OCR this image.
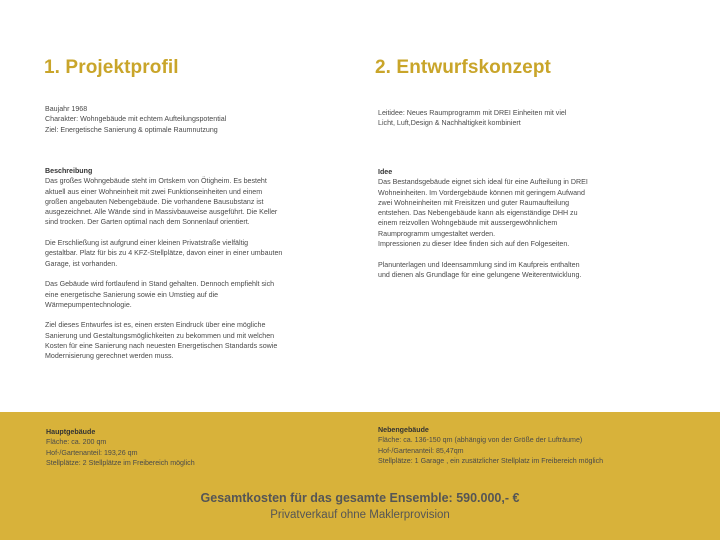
1. Projektprofil
Baujahr 1968
Charakter: Wohngebäude mit echtem Aufteilungspotential
Ziel: Energetische Sanierung & optimale Raumnutzung
Beschreibung

Das großes Wohngebäude steht im Ortskern von Ötigheim. Es besteht
aktuell aus einer Wohneinheit mit zwei Funktionseinheiten und einem
großen angebauten Nebengebäude. Die vorhandene Bausubstanz ist
ausgezeichnet. Alle Wände sind in Massivbauweise ausgeführt. Die Keller
sind trocken. Der Garten optimal nach dem Sonnenlauf orientiert.

Die Erschließung ist aufgrund einer kleinen Privatstraße vielfältig
gestaltbar. Platz für bis zu 4 KFZ-Stellplätze, davon einer in einer umbauten
Garage, ist vorhanden.

Das Gebäude wird fortlaufend in Stand gehalten. Dennoch empfiehlt sich
eine energetische Sanierung sowie ein Umstieg auf die
Wärmepumpentechnologie.

Ziel dieses Entwurfes ist es, einen ersten Eindruck über eine mögliche
Sanierung und Gestaltungsmöglichkeiten zu bekommen und mit welchen
Kosten für eine Sanierung nach neuesten Energetischen Standards sowie
Modernisierung gerechnet werden muss.

2. Entwurfskonzept
Leitidee: Neues Raumprogramm mit DREI Einheiten mit viel
Licht, Luft,Design & Nachhaltigkeit kombiniert
Idee

Das Bestandsgebäude eignet sich ideal für eine Aufteilung in DREI
Wohneinheiten. Im Vordergebäude können mit geringem Aufwand
zwei Wohneinheiten mit Freisitzen und guter Raumaufteilung
entstehen. Das Nebengebäude kann als eigenständige DHH zu
einem reizvollen Wohngebäude mit aussergewöhnlichem
Raumprogramm umgestaltet werden.
Impressionen zu dieser Idee finden sich auf den Folgeseiten.

Planunterlagen und Ideensammlung sind im Kaufpreis enthalten
und dienen als Grundlage für eine gelungene Weiterentwicklung.

Hauptgebäude
Fläche: ca. 200 qm
Hof-/Gartenanteil: 193,26 qm
Stellplätze: 2 Stellplätze im Freibereich möglich
Nebengebäude
Fläche: ca. 136-150 qm (abhängig von der Größe der Lufträume)
Hof-/Gartenanteil: 85,47qm
Stellplätze: 1 Garage , ein zusätzlicher Stellplatz im Freibereich möglich
Gesamtkosten für das gesamte Ensemble: 590.000,- €
Privatverkauf ohne Maklerprovision
